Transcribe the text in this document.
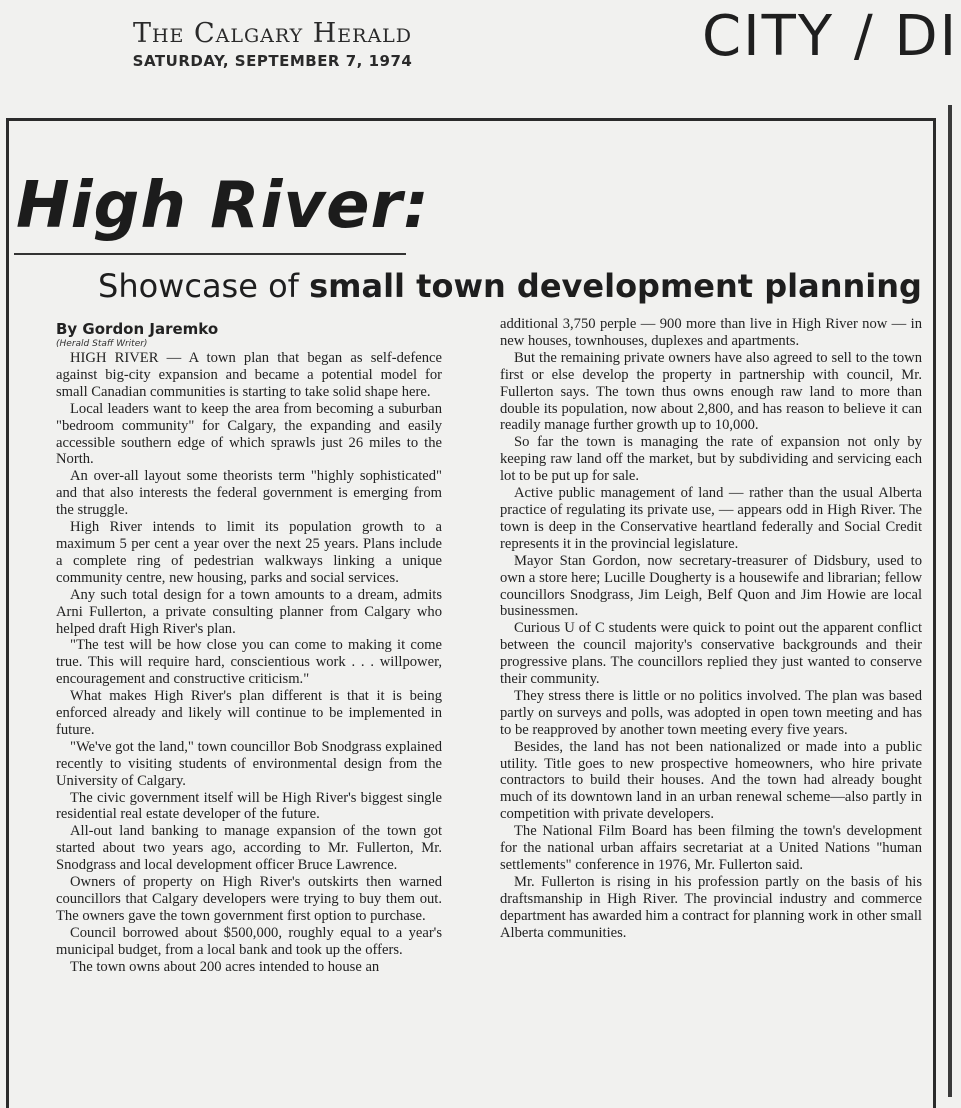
The Calgary Herald
SATURDAY, SEPTEMBER 7, 1974	CITY / DI
High River:
Showcase of small town development planning
By Gordon Jaremko
(Herald Staff Writer)

HIGH RIVER — A town plan that began as self-defence against big-city expansion and became a potential model for small Canadian communities is starting to take solid shape here.

Local leaders want to keep the area from becoming a suburban "bedroom community" for Calgary, the expanding and easily accessible southern edge of which sprawls just 26 miles to the North.

An over-all layout some theorists term "highly sophisticated" and that also interests the federal government is emerging from the struggle.

High River intends to limit its population growth to a maximum 5 per cent a year over the next 25 years. Plans include a complete ring of pedestrian walkways linking a unique community centre, new housing, parks and social services.

Any such total design for a town amounts to a dream, admits Arni Fullerton, a private consulting planner from Calgary who helped draft High River's plan.

"The test will be how close you can come to making it come true. This will require hard, conscientious work . . . willpower, encouragement and constructive criticism."

What makes High River's plan different is that it is being enforced already and likely will continue to be implemented in future.

"We've got the land," town councillor Bob Snodgrass explained recently to visiting students of environmental design from the University of Calgary.

The civic government itself will be High River's biggest single residential real estate developer of the future.

All-out land banking to manage expansion of the town got started about two years ago, according to Mr. Fullerton, Mr. Snodgrass and local development officer Bruce Lawrence.

Owners of property on High River's outskirts then warned councillors that Calgary developers were trying to buy them out. The owners gave the town government first option to purchase.

Council borrowed about $500,000, roughly equal to a year's municipal budget, from a local bank and took up the offers.

The town owns about 200 acres intended to house an

additional 3,750 perple — 900 more than live in High River now — in new houses, townhouses, duplexes and apartments.

But the remaining private owners have also agreed to sell to the town first or else develop the property in partnership with council, Mr. Fullerton says. The town thus owns enough raw land to more than double its population, now about 2,800, and has reason to believe it can readily manage further growth up to 10,000.

So far the town is managing the rate of expansion not only by keeping raw land off the market, but by subdividing and servicing each lot to be put up for sale.

Active public management of land — rather than the usual Alberta practice of regulating its private use, — appears odd in High River. The town is deep in the Conservative heartland federally and Social Credit represents it in the provincial legislature.

Mayor Stan Gordon, now secretary-treasurer of Didsbury, used to own a store here; Lucille Dougherty is a housewife and librarian; fellow councillors Snodgrass, Jim Leigh, Belf Quon and Jim Howie are local businessmen.

Curious U of C students were quick to point out the apparent conflict between the council majority's conservative backgrounds and their progressive plans. The councillors replied they just wanted to conserve their community.

They stress there is little or no politics involved. The plan was based partly on surveys and polls, was adopted in open town meeting and has to be reapproved by another town meeting every five years.

Besides, the land has not been nationalized or made into a public utility. Title goes to new prospective homeowners, who hire private contractors to build their houses. And the town had already bought much of its downtown land in an urban renewal scheme—also partly in competition with private developers.

The National Film Board has been filming the town's development for the national urban affairs secretariat at a United Nations "human settlements" conference in 1976, Mr. Fullerton said.

Mr. Fullerton is rising in his profession partly on the basis of his draftsmanship in High River. The provincial industry and commerce department has awarded him a contract for planning work in other small Alberta communities.
